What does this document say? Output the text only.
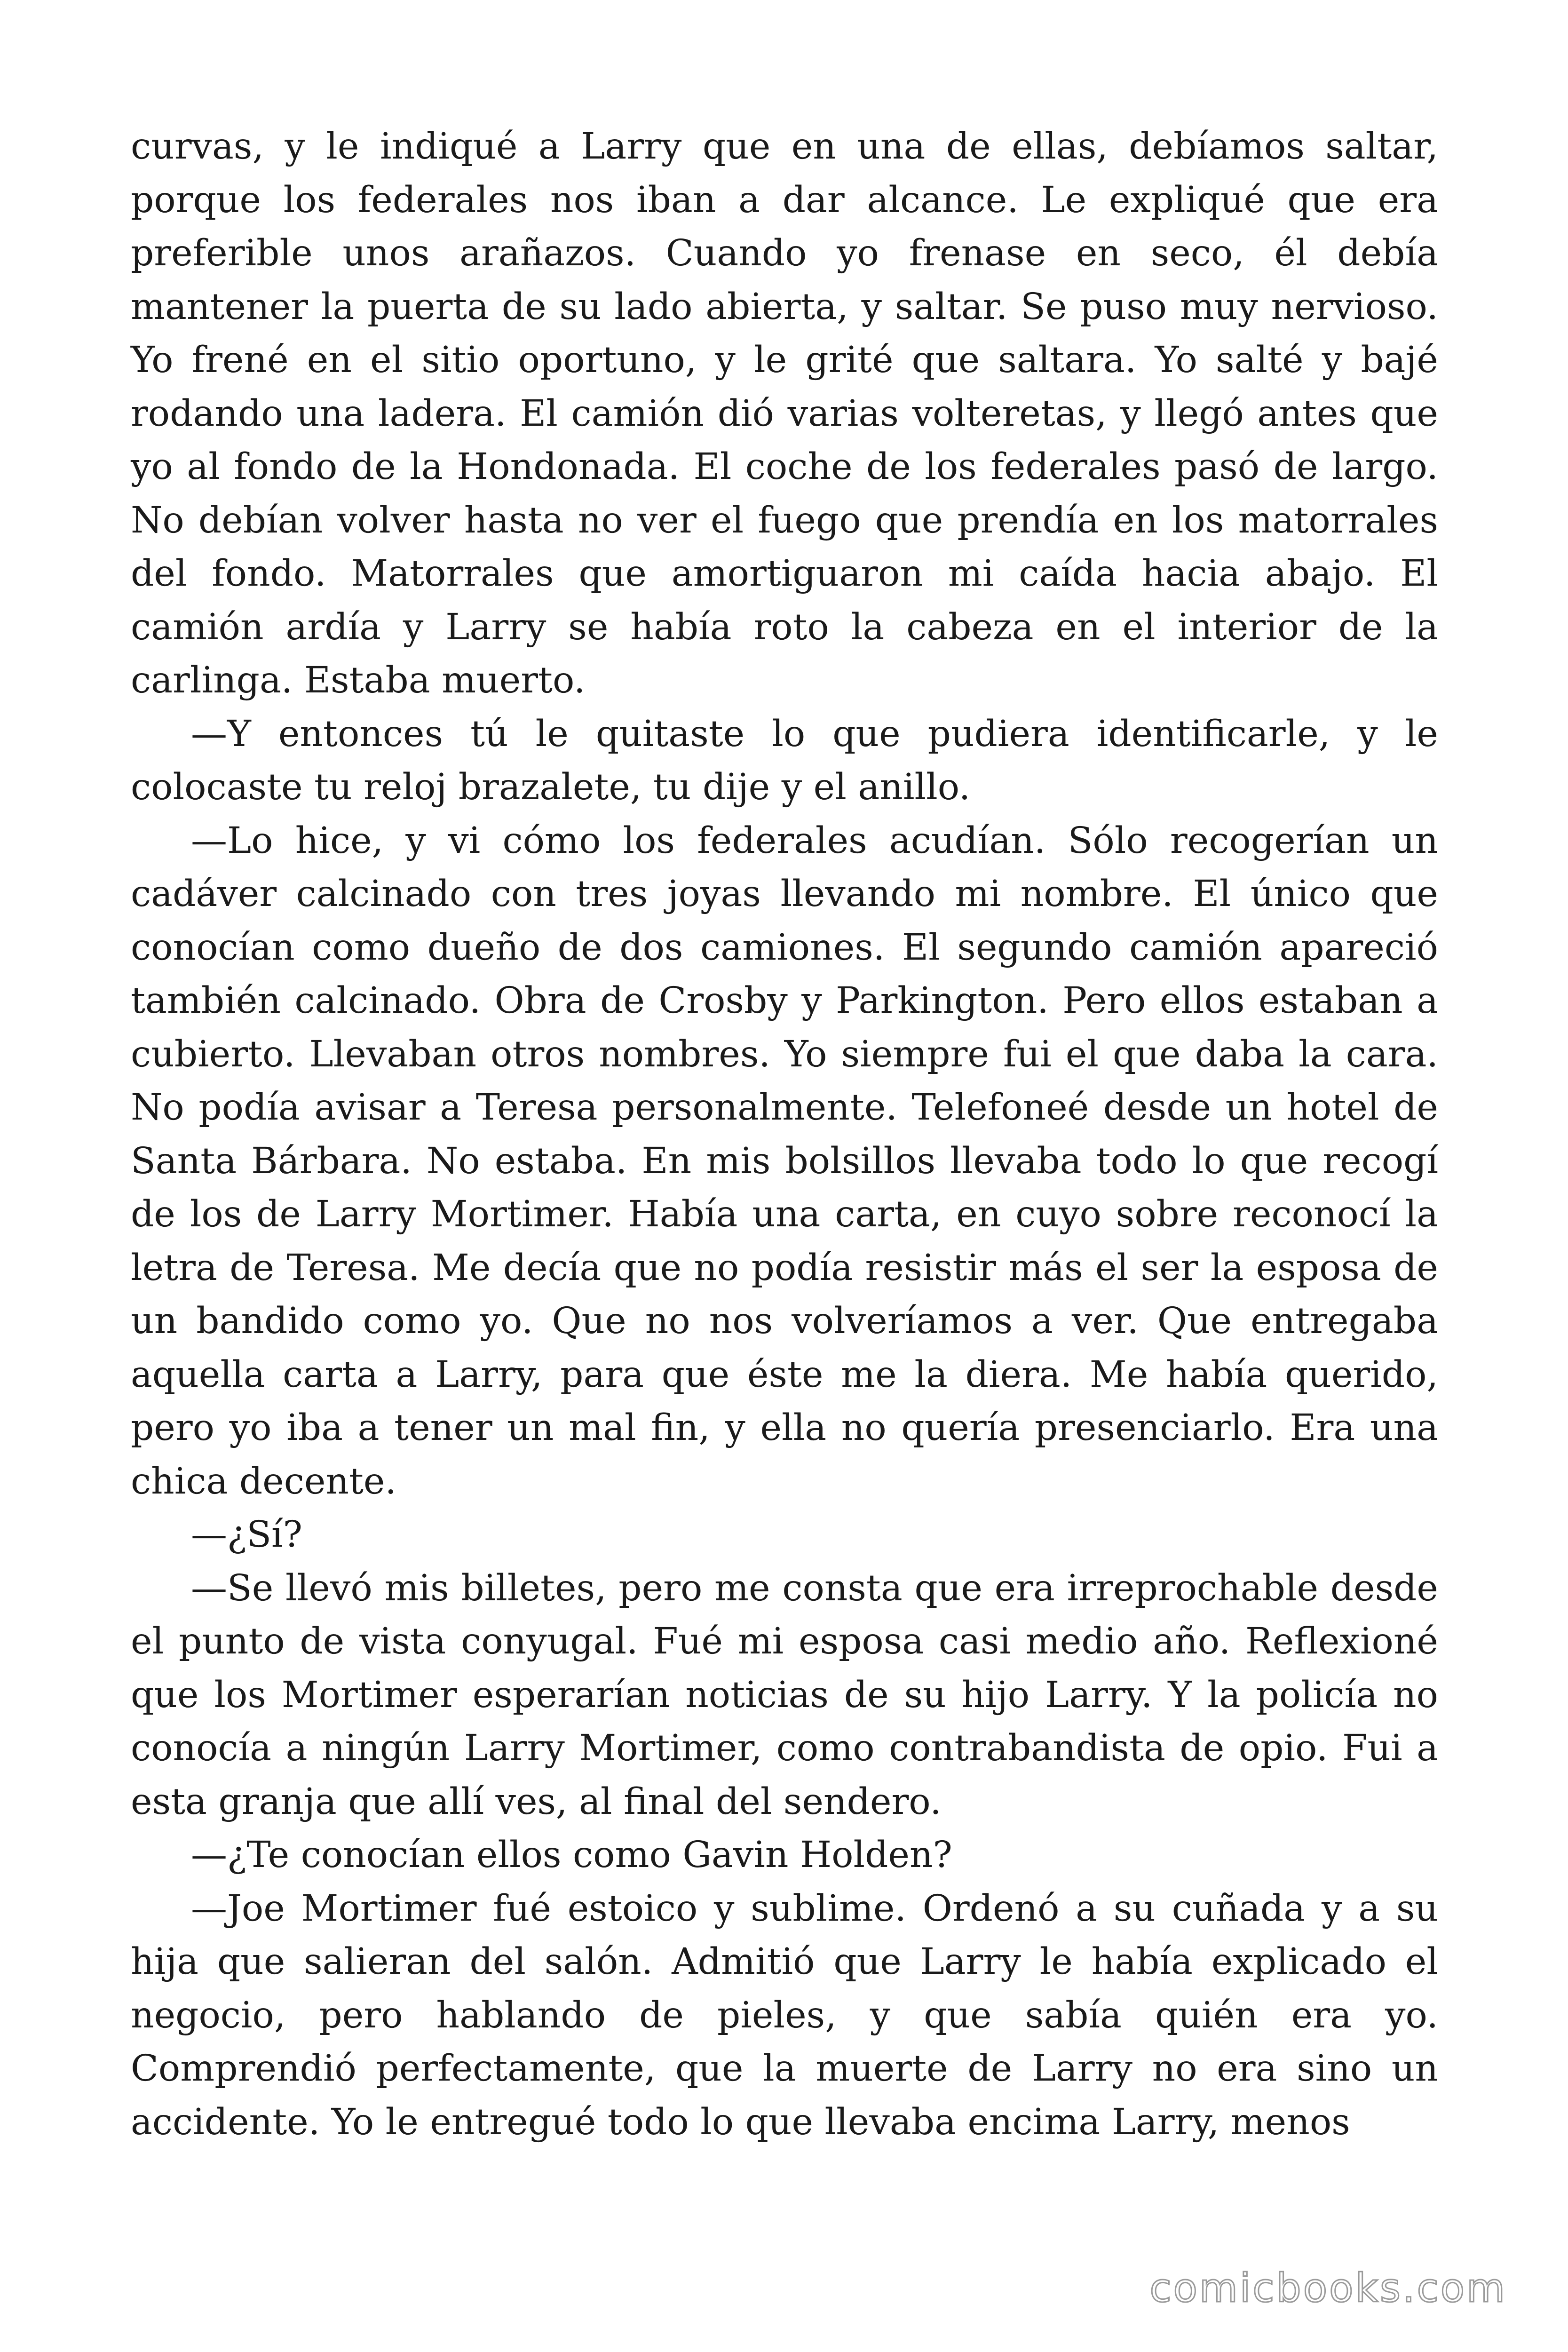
curvas, y le indiqué a Larry que en una de ellas, debíamos saltar, porque los federales nos iban a dar alcance. Le expliqué que era preferible unos arañazos. Cuando yo frenase en seco, él debía mantener la puerta de su lado abierta, y saltar. Se puso muy nervioso. Yo frené en el sitio oportuno, y le grité que saltara. Yo salté y bajé rodando una ladera. El camión dió varias volteretas, y llegó antes que yo al fondo de la Hondonada. El coche de los federales pasó de largo. No debían volver hasta no ver el fuego que prendía en los matorrales del fondo. Matorrales que amortiguaron mi caída hacia abajo. El camión ardía y Larry se había roto la cabeza en el interior de la carlinga. Estaba muerto.

—Y entonces tú le quitaste lo que pudiera identificarle, y le colocaste tu reloj brazalete, tu dije y el anillo.

—Lo hice, y vi cómo los federales acudían. Sólo recogerían un cadáver calcinado con tres joyas llevando mi nombre. El único que conocían como dueño de dos camiones. El segundo camión apareció también calcinado. Obra de Crosby y Parkington. Pero ellos estaban a cubierto. Llevaban otros nombres. Yo siempre fui el que daba la cara. No podía avisar a Teresa personalmente. Telefoneé desde un hotel de Santa Bárbara. No estaba. En mis bolsillos llevaba todo lo que recogí de los de Larry Mortimer. Había una carta, en cuyo sobre reconocí la letra de Teresa. Me decía que no podía resistir más el ser la esposa de un bandido como yo. Que no nos volveríamos a ver. Que entregaba aquella carta a Larry, para que éste me la diera. Me había querido, pero yo iba a tener un mal fin, y ella no quería presenciarlo. Era una chica decente.

—¿Sí?

—Se llevó mis billetes, pero me consta que era irreprochable desde el punto de vista conyugal. Fué mi esposa casi medio año. Reflexioné que los Mortimer esperarían noticias de su hijo Larry. Y la policía no conocía a ningún Larry Mortimer, como contrabandista de opio. Fui a esta granja que allí ves, al final del sendero.

—¿Te conocían ellos como Gavin Holden?

—Joe Mortimer fué estoico y sublime. Ordenó a su cuñada y a su hija que salieran del salón. Admitió que Larry le había explicado el negocio, pero hablando de pieles, y que sabía quién era yo. Comprendió perfectamente, que la muerte de Larry no era sino un accidente. Yo le entregué todo lo que llevaba encima Larry, menos

comicbooks.com
